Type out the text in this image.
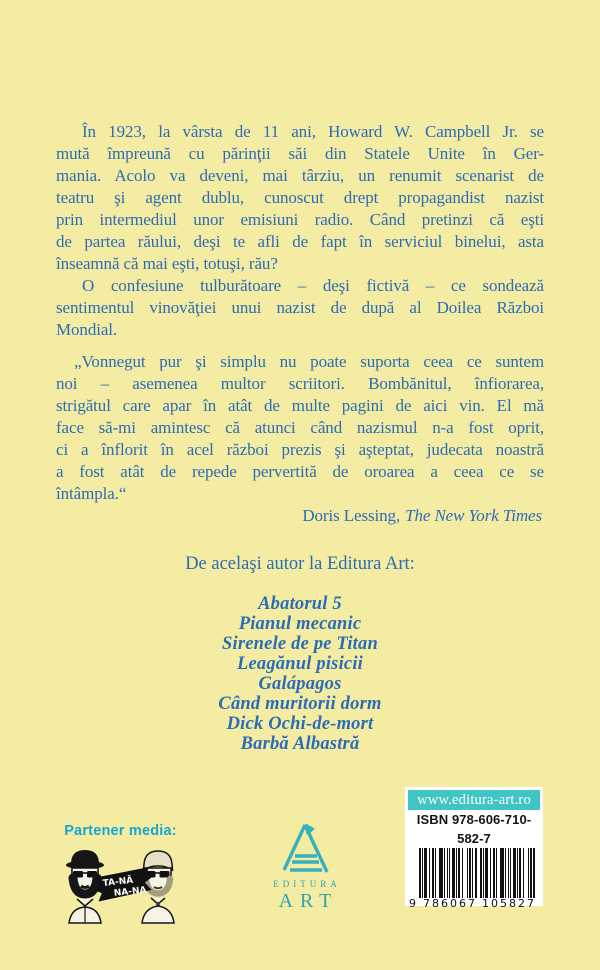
În 1923, la vârsta de 11 ani, Howard W. Campbell Jr. se
mută împreună cu părinţii săi din Statele Unite în Ger-
mania. Acolo va deveni, mai târziu, un renumit scenarist de
teatru şi agent dublu, cunoscut drept propagandist nazist
prin intermediul unor emisiuni radio. Când pretinzi că eşti
de partea răului, deşi te afli de fapt în serviciul binelui, asta
înseamnă că mai eşti, totuşi, rău?
O confesiune tulburătoare – deşi fictivă – ce sondează
sentimentul vinovăţiei unui nazist de după al Doilea Război
Mondial.
„Vonnegut pur şi simplu nu poate suporta ceea ce suntem
noi – asemenea multor scriitori. Bombănitul, înfiorarea,
strigătul care apar în atât de multe pagini de aici vin. El mă
face să-mi amintesc că atunci când nazismul n-a fost oprit,
ci a înflorit în acel război prezis şi aşteptat, judecata noastră
a fost atât de repede pervertită de oroarea a ceea ce se
întâmpla.“
Doris Lessing, The New York Times
De acelaşi autor la Editura Art:
Abatorul 5
Pianul mecanic
Sirenele de pe Titan
Leagănul pisicii
Galápagos
Când muritorii dorm
Dick Ochi-de-mort
Barbă Albastră
Partener media:
TA-NĂ
NA-NA
EDITURA
ART
www.editura-art.ro
ISBN 978-606-710-582-7
9 786067 105827
